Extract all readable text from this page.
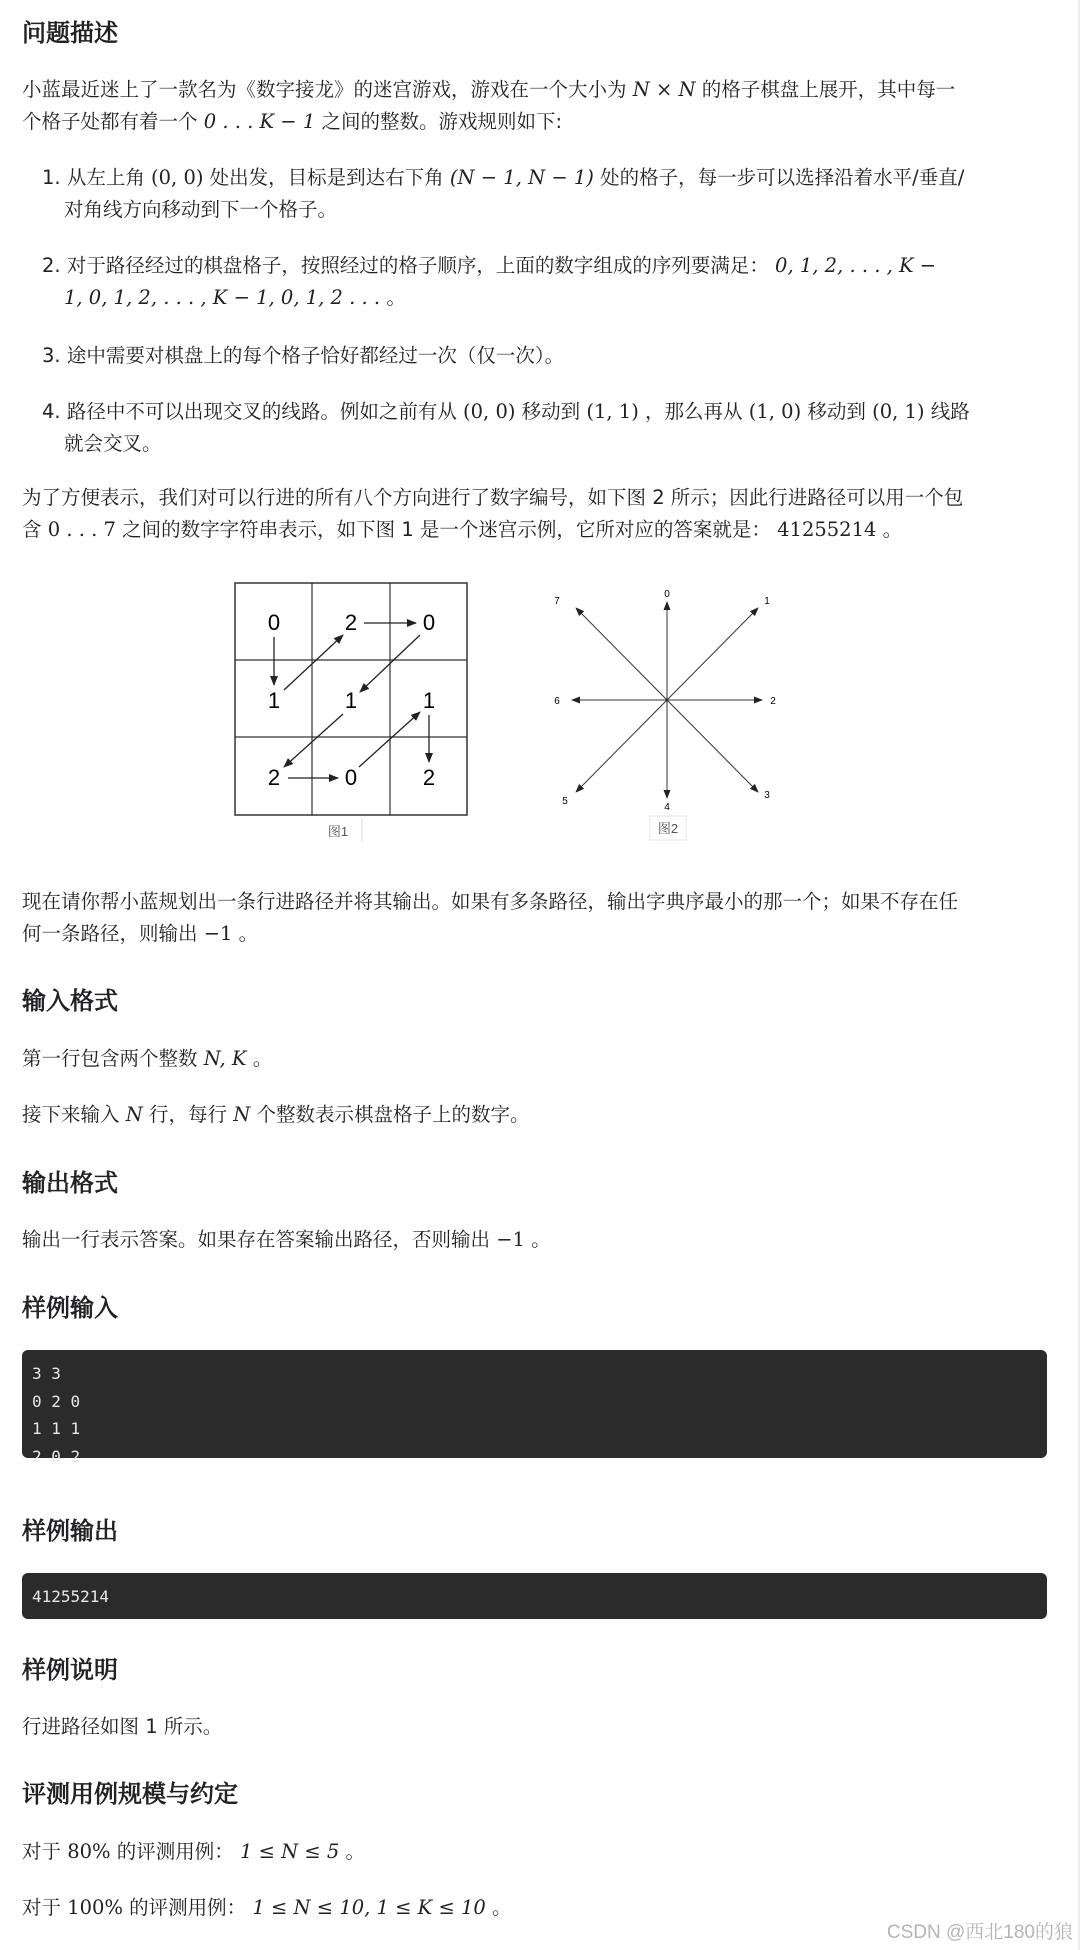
问题描述

小蓝最近迷上了一款名为《数字接龙》的迷宫游戏，游戏在一个大小为 N × N 的格子棋盘上展开，其中每一

个格子处都有着一个 0 . . . K − 1 之间的整数。游戏规则如下:

1. 从左上角 (0, 0) 处出发，目标是到达右下角 (N − 1, N − 1) 处的格子，每一步可以选择沿着水平/垂直/

对角线方向移动到下一个格子。

2. 对于路径经过的棋盘格子，按照经过的格子顺序，上面的数字组成的序列要满足： 0, 1, 2, . . . , K −

1, 0, 1, 2, . . . , K − 1, 0, 1, 2 . . . 。

3. 途中需要对棋盘上的每个格子恰好都经过一次（仅一次）。

4. 路径中不可以出现交叉的线路。例如之前有从 (0, 0) 移动到 (1, 1) ，那么再从 (1, 0) 移动到 (0, 1) 线路

就会交叉。

为了方便表示，我们对可以行进的所有八个方向进行了数字编号，如下图 2 所示；因此行进路径可以用一个包

含 0 . . . 7 之间的数字字符串表示，如下图 1 是一个迷宫示例，它所对应的答案就是： 41255214 。

0	2	0
1	1	1
2	0	2
图1
0
1
2
3
4
5
6
7
图2

现在请你帮小蓝规划出一条行进路径并将其输出。如果有多条路径，输出字典序最小的那一个；如果不存在任

何一条路径，则输出 −1 。

输入格式

第一行包含两个整数 N, K 。

接下来输入 N 行，每行 N 个整数表示棋盘格子上的数字。

输出格式

输出一行表示答案。如果存在答案输出路径，否则输出 −1 。

样例输入
3 3
0 2 0
1 1 1
2 0 2
样例输出
41255214
样例说明

行进路径如图 1 所示。

评测用例规模与约定

对于 80% 的评测用例： 1 ≤ N ≤ 5 。

对于 100% 的评测用例： 1 ≤ N ≤ 10, 1 ≤ K ≤ 10 。

CSDN @西北180的狼
